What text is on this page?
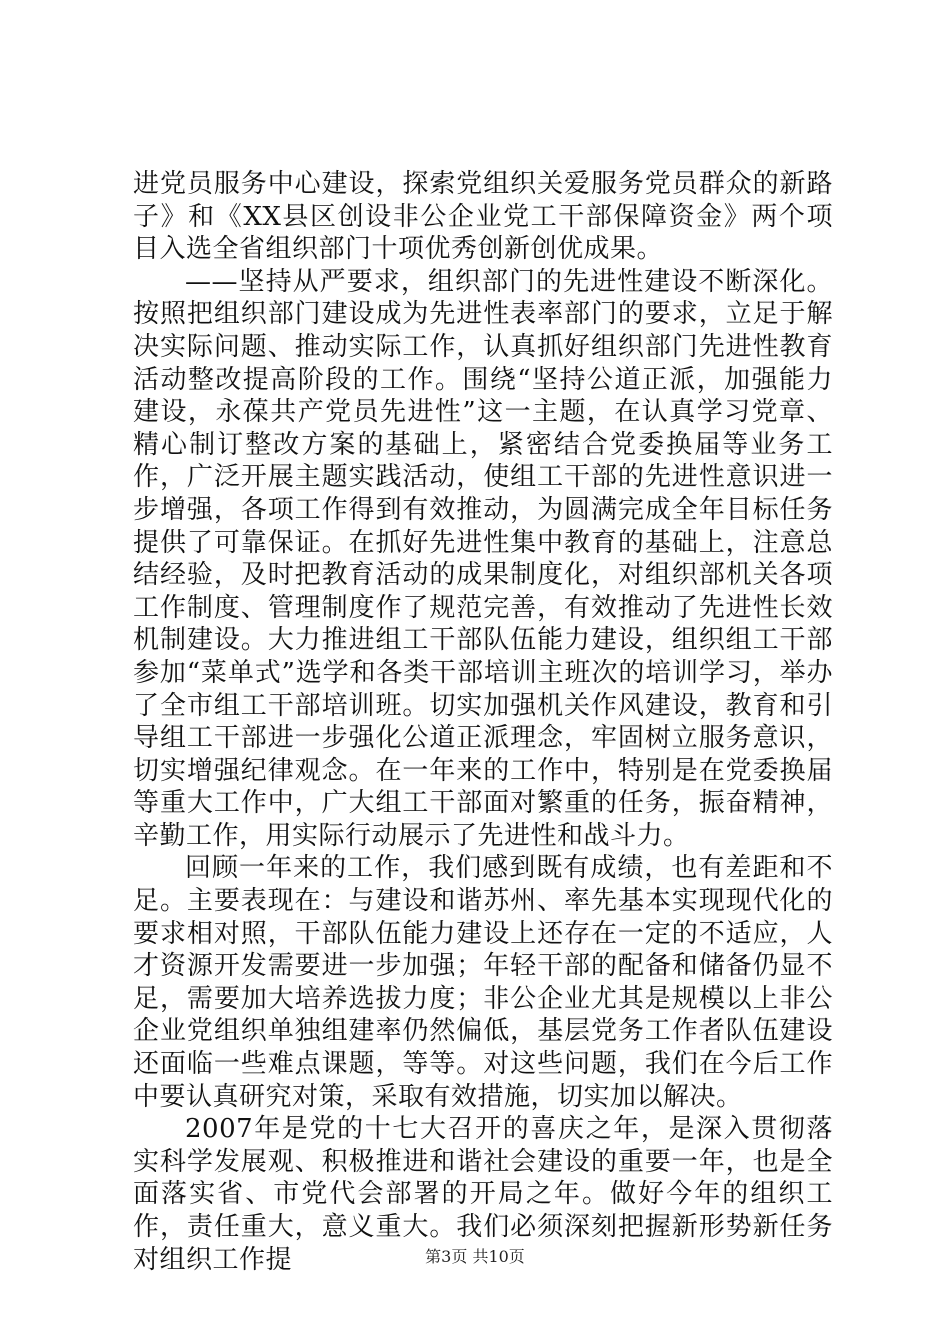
进党员服务中心建设，探索党组织关爱服务党员群众的新路子》和《XX县区创设非公企业党工干部保障资金》两个项目入选全省组织部门十项优秀创新创优成果。

——坚持从严要求，组织部门的先进性建设不断深化。按照把组织部门建设成为先进性表率部门的要求，立足于解决实际问题、推动实际工作，认真抓好组织部门先进性教育活动整改提高阶段的工作。围绕“坚持公道正派，加强能力建设，永葆共产党员先进性”这一主题，在认真学习党章、精心制订整改方案的基础上，紧密结合党委换届等业务工作，广泛开展主题实践活动，使组工干部的先进性意识进一步增强，各项工作得到有效推动，为圆满完成全年目标任务提供了可靠保证。在抓好先进性集中教育的基础上，注意总结经验，及时把教育活动的成果制度化，对组织部机关各项工作制度、管理制度作了规范完善，有效推动了先进性长效机制建设。大力推进组工干部队伍能力建设，组织组工干部参加“菜单式”选学和各类干部培训主班次的培训学习，举办了全市组工干部培训班。切实加强机关作风建设，教育和引导组工干部进一步强化公道正派理念，牢固树立服务意识，切实增强纪律观念。在一年来的工作中，特别是在党委换届等重大工作中，广大组工干部面对繁重的任务，振奋精神，辛勤工作，用实际行动展示了先进性和战斗力。

回顾一年来的工作，我们感到既有成绩，也有差距和不足。主要表现在：与建设和谐苏州、率先基本实现现代化的要求相对照，干部队伍能力建设上还存在一定的不适应，人才资源开发需要进一步加强；年轻干部的配备和储备仍显不足，需要加大培养选拔力度；非公企业尤其是规模以上非公企业党组织单独组建率仍然偏低，基层党务工作者队伍建设还面临一些难点课题，等等。对这些问题，我们在今后工作中要认真研究对策，采取有效措施，切实加以解决。

2007年是党的十七大召开的喜庆之年，是深入贯彻落实科学发展观、积极推进和谐社会建设的重要一年，也是全面落实省、市党代会部署的开局之年。做好今年的组织工作，责任重大，意义重大。我们必须深刻把握新形势新任务对组织工作提	第3页 共10页
